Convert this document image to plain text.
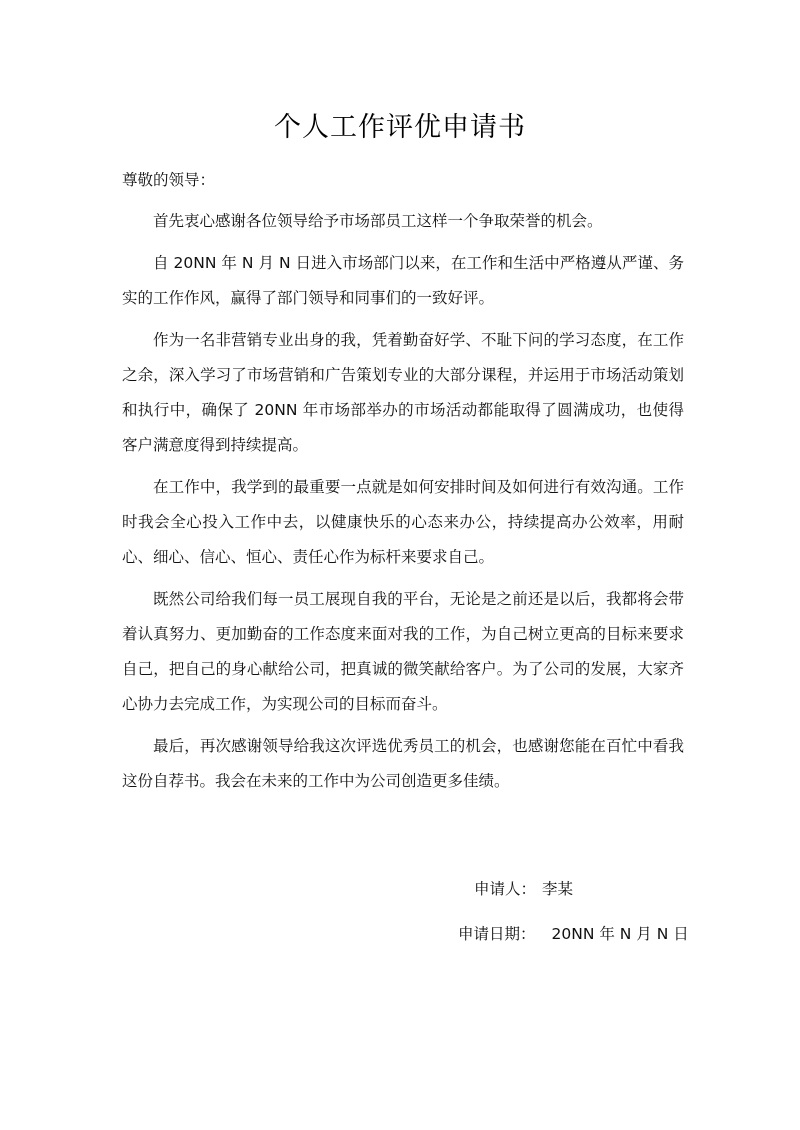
个人工作评优申请书

尊敬的领导：

首先衷心感谢各位领导给予市场部员工这样一个争取荣誉的机会。

自 20NN 年 N 月 N 日进入市场部门以来，在工作和生活中严格遵从严谨、务实的工作作风，赢得了部门领导和同事们的一致好评。

作为一名非营销专业出身的我，凭着勤奋好学、不耻下问的学习态度，在工作之余，深入学习了市场营销和广告策划专业的大部分课程，并运用于市场活动策划和执行中，确保了 20NN 年市场部举办的市场活动都能取得了圆满成功，也使得客户满意度得到持续提高。

在工作中，我学到的最重要一点就是如何安排时间及如何进行有效沟通。工作时我会全心投入工作中去，以健康快乐的心态来办公，持续提高办公效率，用耐心、细心、信心、恒心、责任心作为标杆来要求自己。

既然公司给我们每一员工展现自我的平台，无论是之前还是以后，我都将会带着认真努力、更加勤奋的工作态度来面对我的工作，为自己树立更高的目标来要求自己，把自己的身心献给公司，把真诚的微笑献给客户。为了公司的发展，大家齐心协力去完成工作，为实现公司的目标而奋斗。

最后，再次感谢领导给我这次评选优秀员工的机会，也感谢您能在百忙中看我这份自荐书。我会在未来的工作中为公司创造更多佳绩。

申请人： 李某
申请日期： 20NN 年 N 月 N 日
